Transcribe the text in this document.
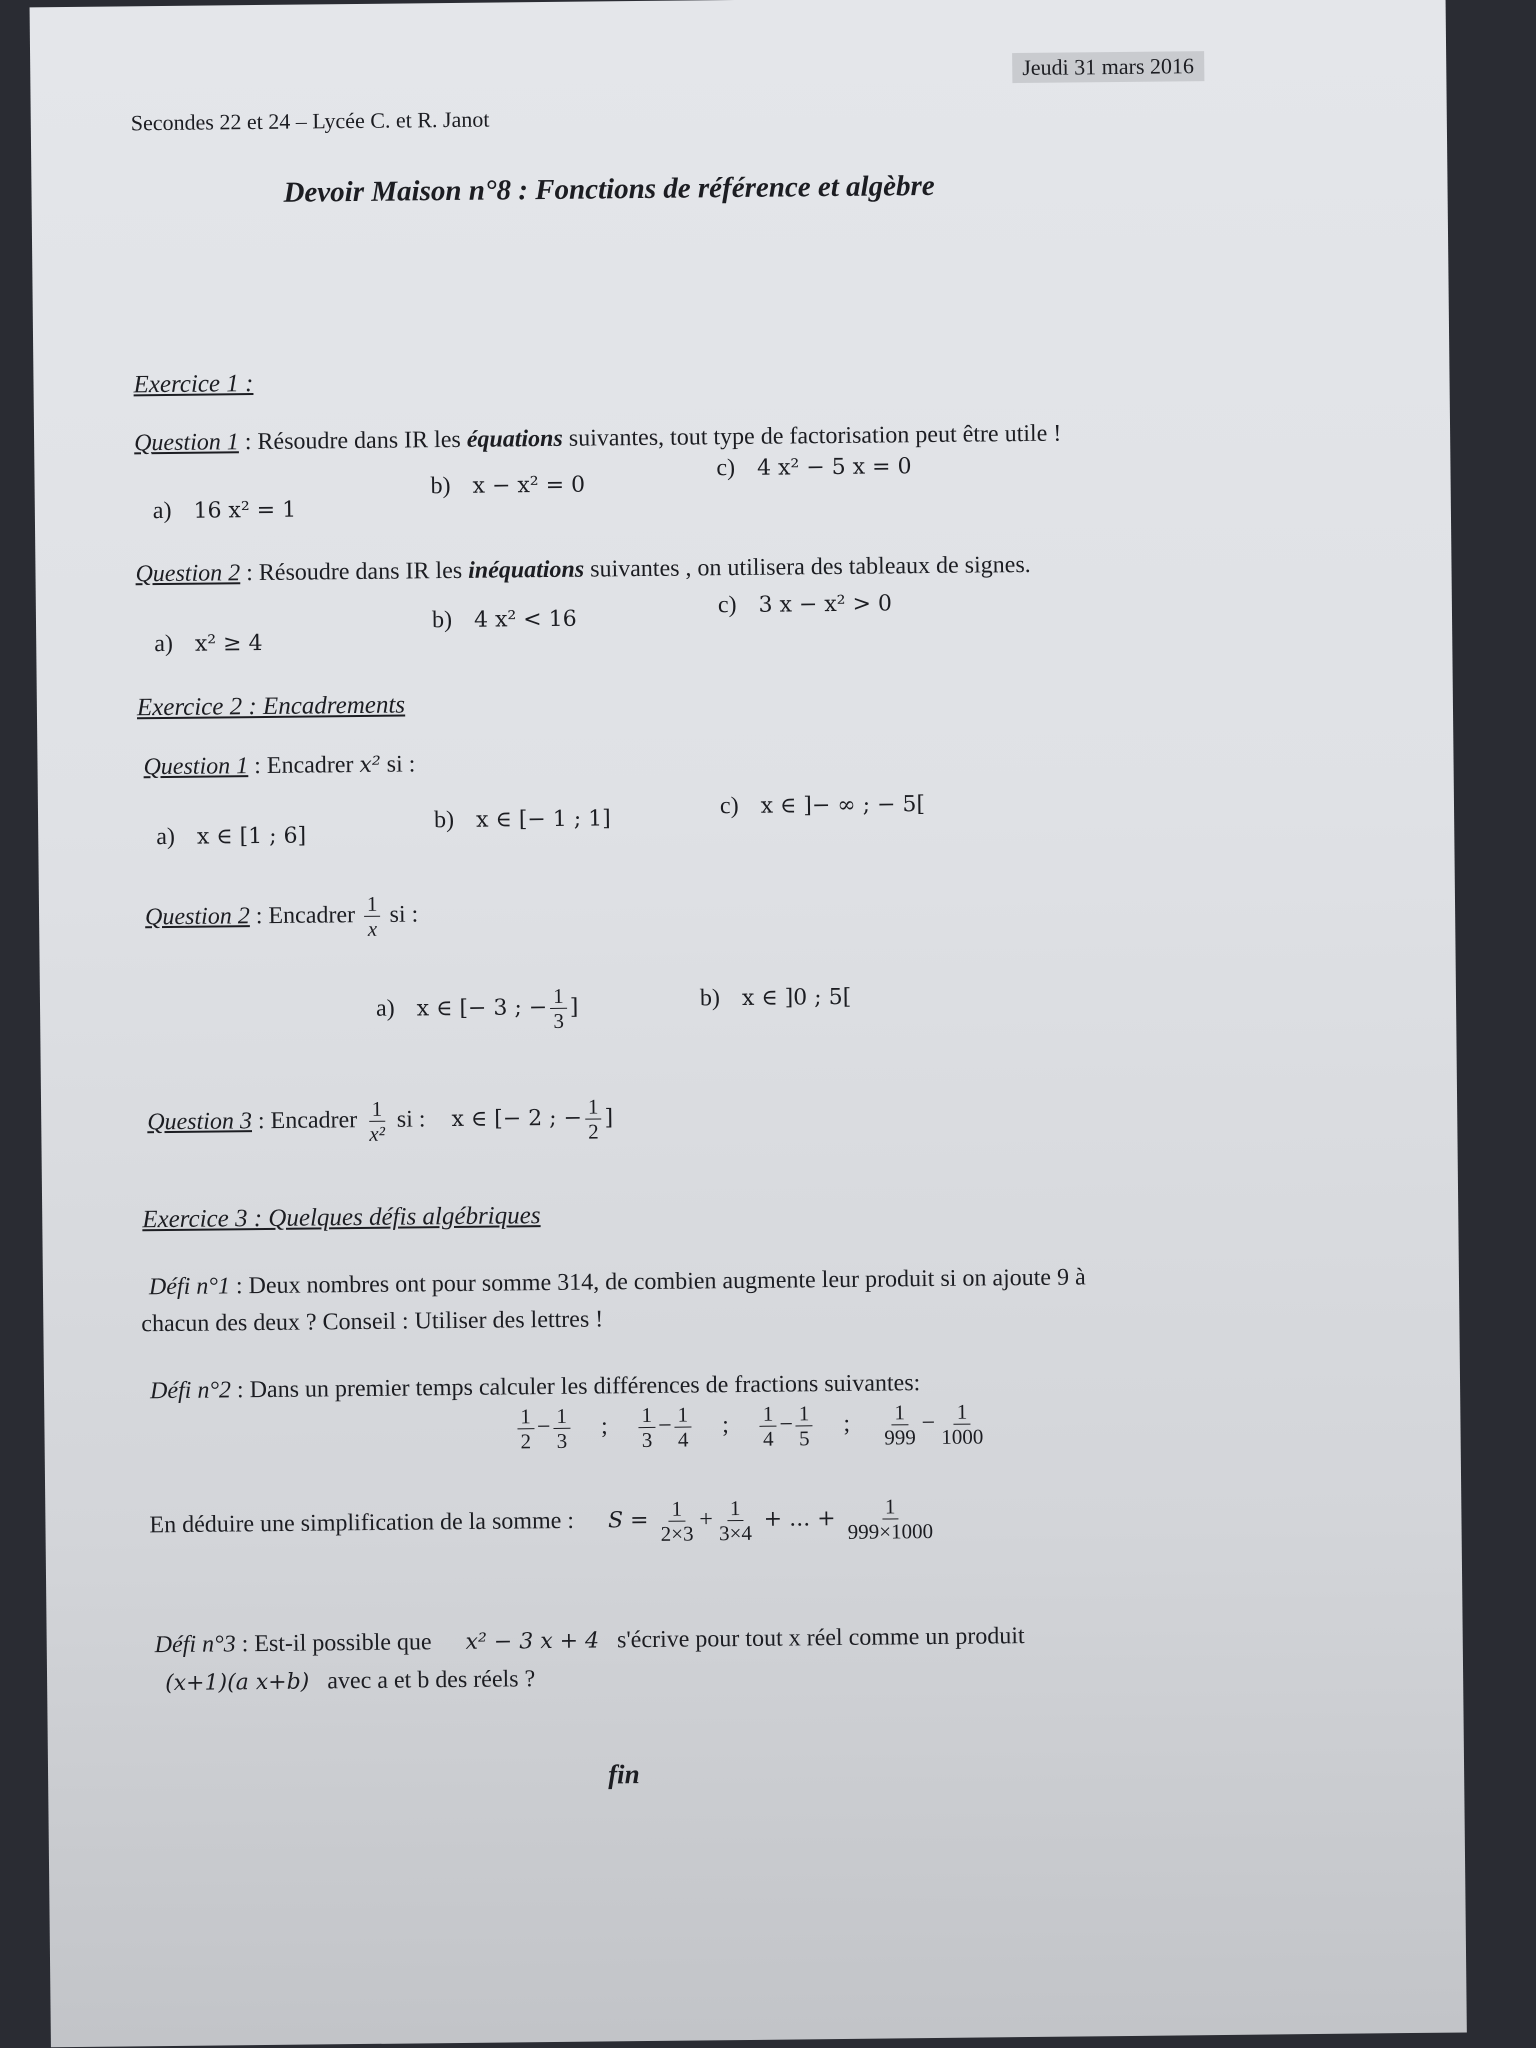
Secondes 22 et 24 – Lycée C. et R. Janot
Jeudi 31 mars 2016
Devoir Maison n°8 : Fonctions de référence et algèbre
Exercice 1 :
Question 1 : Résoudre dans IR les équations suivantes, tout type de factorisation peut être utile !
a) 16 x² = 1
b) x − x² = 0
c) 4 x² − 5 x = 0
Question 2 : Résoudre dans IR les inéquations suivantes , on utilisera des tableaux de signes.
a) x² ≥ 4
b) 4 x² < 16
c) 3 x − x² > 0
Exercice 2 : Encadrements
Question 1 : Encadrer x² si :
a) x ∈ [1 ; 6]
b) x ∈ [− 1 ; 1]
c) x ∈ ]− ∞ ; − 5[
Question 2 : Encadrer $\frac{1}{x}$ si :
a) x ∈ [− 3 ; − $\frac{1}{3}$ ]	b) x ∈ ]0 ; 5[
Question 3 : Encadrer $\frac{1}{\text{x²}}$ si : x ∈ [− 2 ; − $\frac{1}{2}$ ]
Exercice 3 : Quelques défis algébriques
Défi n°1 : Deux nombres ont pour somme 314, de combien augmente leur produit si on ajoute 9 à
chacun des deux ? Conseil : Utiliser des lettres !
Défi n°2 : Dans un premier temps calculer les différences de fractions suivantes:
$\frac{1}{2} - \frac{1}{3}$ ; $\frac{1}{3} - \frac{1}{4}$ ; $\frac{1}{4} - \frac{1}{5}$ ; $\frac{1}{999} - \frac{1}{1000}$
En déduire une simplification de la somme : $S = \frac{1}{2\times 3} + \frac{1}{3\times 4}$ + ... + $\frac{1}{999\times 1000}$
Défi n°3 : Est-il possible que x² − 3 x + 4 s'écrive pour tout x réel comme un produit
(x+1)(a x+b) avec a et b des réels ?
fin
